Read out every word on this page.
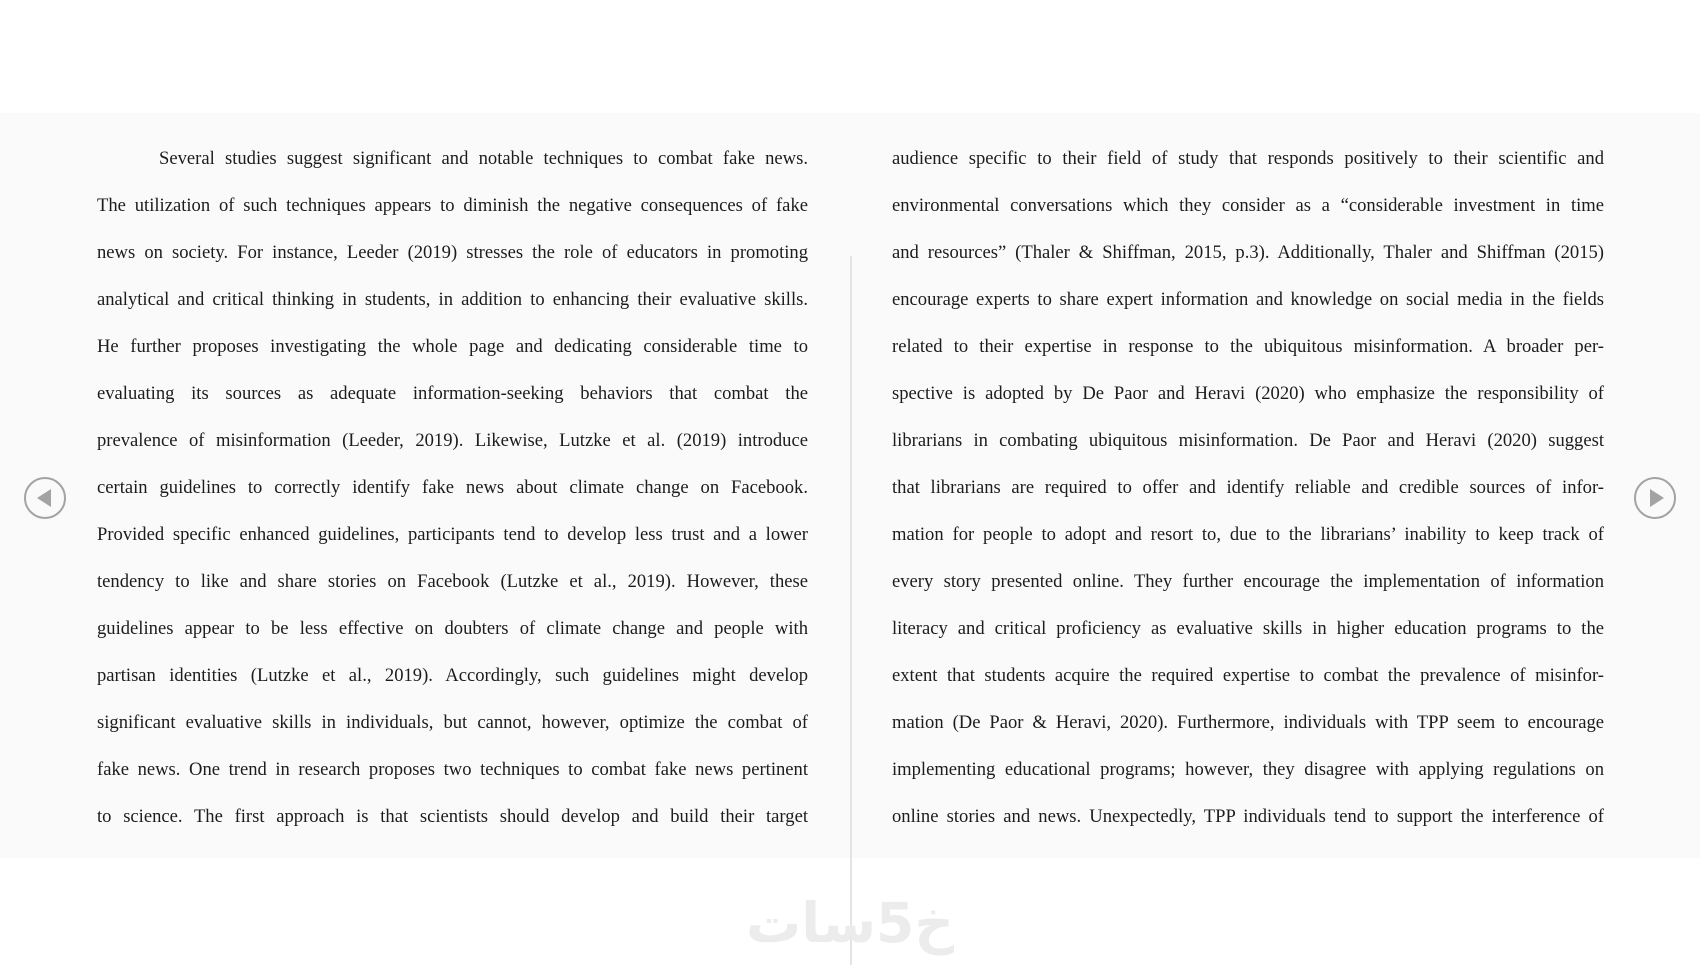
Several studies suggest significant and notable techniques to combat fake news.
The utilization of such techniques appears to diminish the negative consequences of fake
news on society. For instance, Leeder (2019) stresses the role of educators in promoting
analytical and critical thinking in students, in addition to enhancing their evaluative skills.
He further proposes investigating the whole page and dedicating considerable time to
evaluating its sources as adequate information-seeking behaviors that combat the
prevalence of misinformation (Leeder, 2019). Likewise, Lutzke et al. (2019) introduce
certain guidelines to correctly identify fake news about climate change on Facebook.
Provided specific enhanced guidelines, participants tend to develop less trust and a lower
tendency to like and share stories on Facebook (Lutzke et al., 2019). However, these
guidelines appear to be less effective on doubters of climate change and people with
partisan identities (Lutzke et al., 2019). Accordingly, such guidelines might develop
significant evaluative skills in individuals, but cannot, however, optimize the combat of
fake news. One trend in research proposes two techniques to combat fake news pertinent
to science. The first approach is that scientists should develop and build their target
audience specific to their field of study that responds positively to their scientific and
environmental conversations which they consider as a “considerable investment in time
and resources” (Thaler & Shiffman, 2015, p.3). Additionally, Thaler and Shiffman (2015)
encourage experts to share expert information and knowledge on social media in the fields
related to their expertise in response to the ubiquitous misinformation. A broader per-
spective is adopted by De Paor and Heravi (2020) who emphasize the responsibility of
librarians in combating ubiquitous misinformation. De Paor and Heravi (2020) suggest
that librarians are required to offer and identify reliable and credible sources of infor-
mation for people to adopt and resort to, due to the librarians’ inability to keep track of
every story presented online. They further encourage the implementation of information
literacy and critical proficiency as evaluative skills in higher education programs to the
extent that students acquire the required expertise to combat the prevalence of misinfor-
mation (De Paor & Heravi, 2020). Furthermore, individuals with TPP seem to encourage
implementing educational programs; however, they disagree with applying regulations on
online stories and news. Unexpectedly, TPP individuals tend to support the interference of
خ5سات
